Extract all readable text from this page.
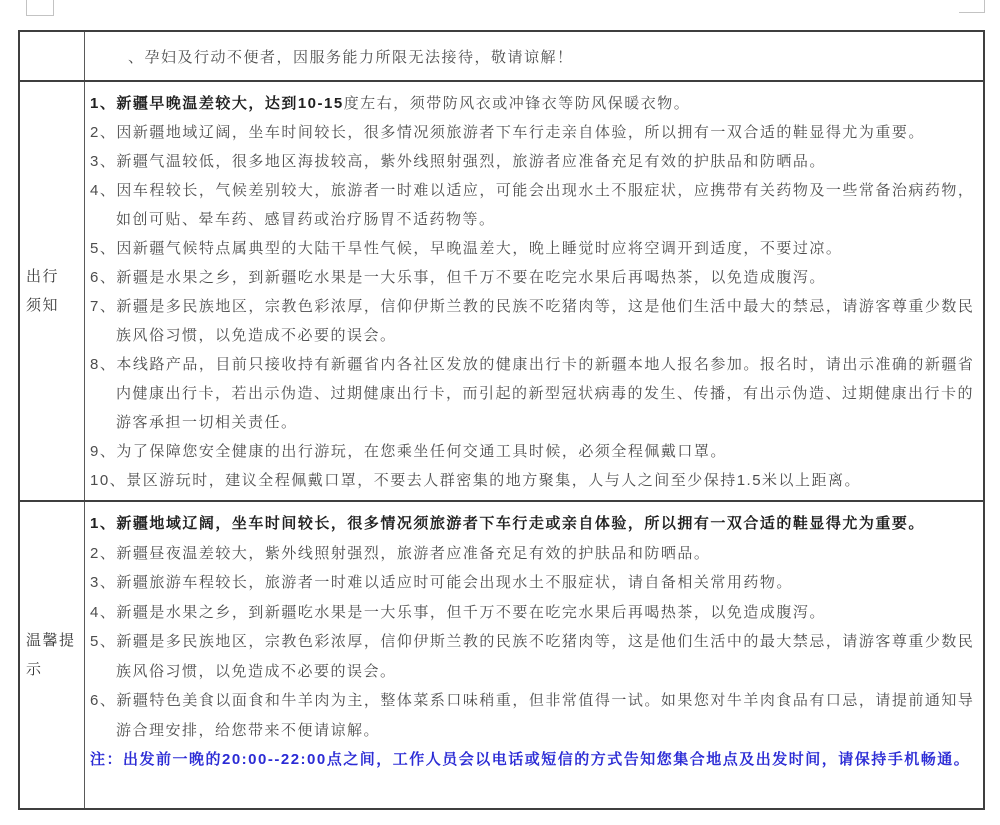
、孕妇及行动不便者，因服务能力所限无法接待，敬请谅解！
出行
须知
1、新疆早晚温差较大，达到10-15度左右，须带防风衣或冲锋衣等防风保暖衣物。
2、因新疆地域辽阔，坐车时间较长，很多情况须旅游者下车行走亲自体验，所以拥有一双合适的鞋显得尤为重要。
3、新疆气温较低，很多地区海拔较高，紫外线照射强烈，旅游者应准备充足有效的护肤品和防晒品。
4、因车程较长，气候差别较大，旅游者一时难以适应，可能会出现水土不服症状，应携带有关药物及一些常备治病药物，如创可贴、晕车药、感冒药或治疗肠胃不适药物等。
5、因新疆气候特点属典型的大陆干旱性气候，早晚温差大，晚上睡觉时应将空调开到适度，不要过凉。
6、新疆是水果之乡，到新疆吃水果是一大乐事，但千万不要在吃完水果后再喝热茶，以免造成腹泻。
7、新疆是多民族地区，宗教色彩浓厚，信仰伊斯兰教的民族不吃猪肉等，这是他们生活中最大的禁忌，请游客尊重少数民族风俗习惯，以免造成不必要的误会。
8、本线路产品，目前只接收持有新疆省内各社区发放的健康出行卡的新疆本地人报名参加。报名时，请出示准确的新疆省内健康出行卡，若出示伪造、过期健康出行卡，而引起的新型冠状病毒的发生、传播，有出示伪造、过期健康出行卡的游客承担一切相关责任。
9、为了保障您安全健康的出行游玩，在您乘坐任何交通工具时候，必须全程佩戴口罩。
10、景区游玩时，建议全程佩戴口罩，不要去人群密集的地方聚集，人与人之间至少保持1.5米以上距离。
温馨提
示
1、新疆地域辽阔，坐车时间较长，很多情况须旅游者下车行走或亲自体验，所以拥有一双合适的鞋显得尤为重要。
2、新疆昼夜温差较大，紫外线照射强烈，旅游者应准备充足有效的护肤品和防晒品。
3、新疆旅游车程较长，旅游者一时难以适应时可能会出现水土不服症状，请自备相关常用药物。
4、新疆是水果之乡，到新疆吃水果是一大乐事，但千万不要在吃完水果后再喝热茶，以免造成腹泻。
5、新疆是多民族地区，宗教色彩浓厚，信仰伊斯兰教的民族不吃猪肉等，这是他们生活中的最大禁忌，请游客尊重少数民族风俗习惯，以免造成不必要的误会。
6、新疆特色美食以面食和牛羊肉为主，整体菜系口味稍重，但非常值得一试。如果您对牛羊肉食品有口忌，请提前通知导游合理安排，给您带来不便请谅解。
注：出发前一晚的20:00--22:00点之间，工作人员会以电话或短信的方式告知您集合地点及出发时间，请保持手机畅通。
